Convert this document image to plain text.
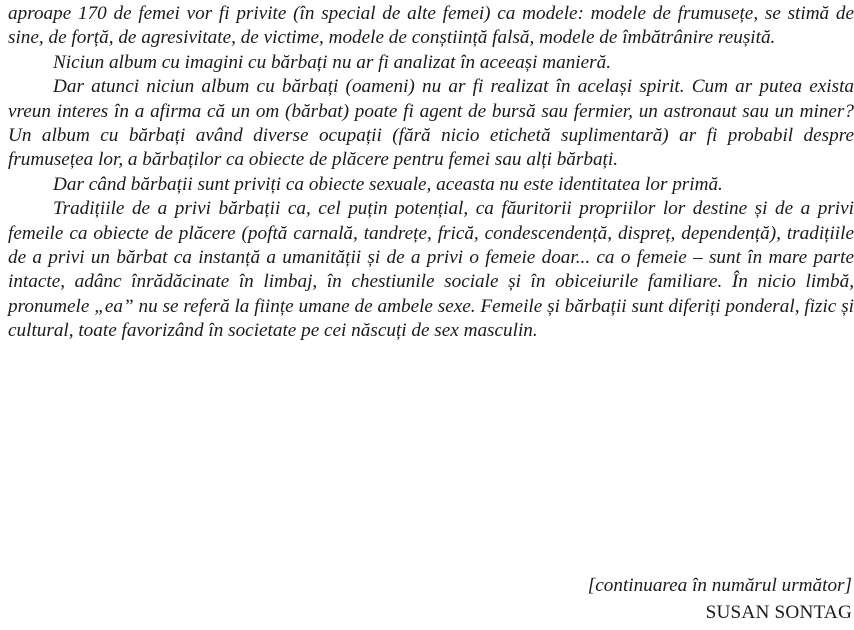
aproape 170 de femei vor fi privite (în special de alte femei) ca modele: modele de frumusețe, se stimă de sine, de forță, de agresivitate, de victime, modele de conștiință falsă, modele de îmbătrânire reușită.

Niciun album cu imagini cu bărbați nu ar fi analizat în aceeași manieră.

Dar atunci niciun album cu bărbați (oameni) nu ar fi realizat în același spirit. Cum ar putea exista vreun interes în a afirma că un om (bărbat) poate fi agent de bursă sau fermier, un astronaut sau un miner? Un album cu bărbați având diverse ocupații (fără nicio etichetă suplimentară) ar fi probabil despre frumusețea lor, a bărbaților ca obiecte de plăcere pentru femei sau alți bărbați.

Dar când bărbații sunt priviți ca obiecte sexuale, aceasta nu este identitatea lor primă.

Tradițiile de a privi bărbații ca, cel puțin potențial, ca făuritorii propriilor lor destine și de a privi femeile ca obiecte de plăcere (poftă carnală, tandrețe, frică, condescendență, dispreț, dependență), tradițiile de a privi un bărbat ca instanță a umanității și de a privi o femeie doar... ca o femeie – sunt în mare parte intacte, adânc înrădăcinate în limbaj, în chestiunile sociale și în obiceiurile familiare. În nicio limbă, pronumele „ea” nu se referă la ființe umane de ambele sexe. Femeile și bărbații sunt diferiți ponderal, fizic și cultural, toate favorizând în societate pe cei născuți de sex masculin.

[continuarea în numărul următor]

SUSAN SONTAG
